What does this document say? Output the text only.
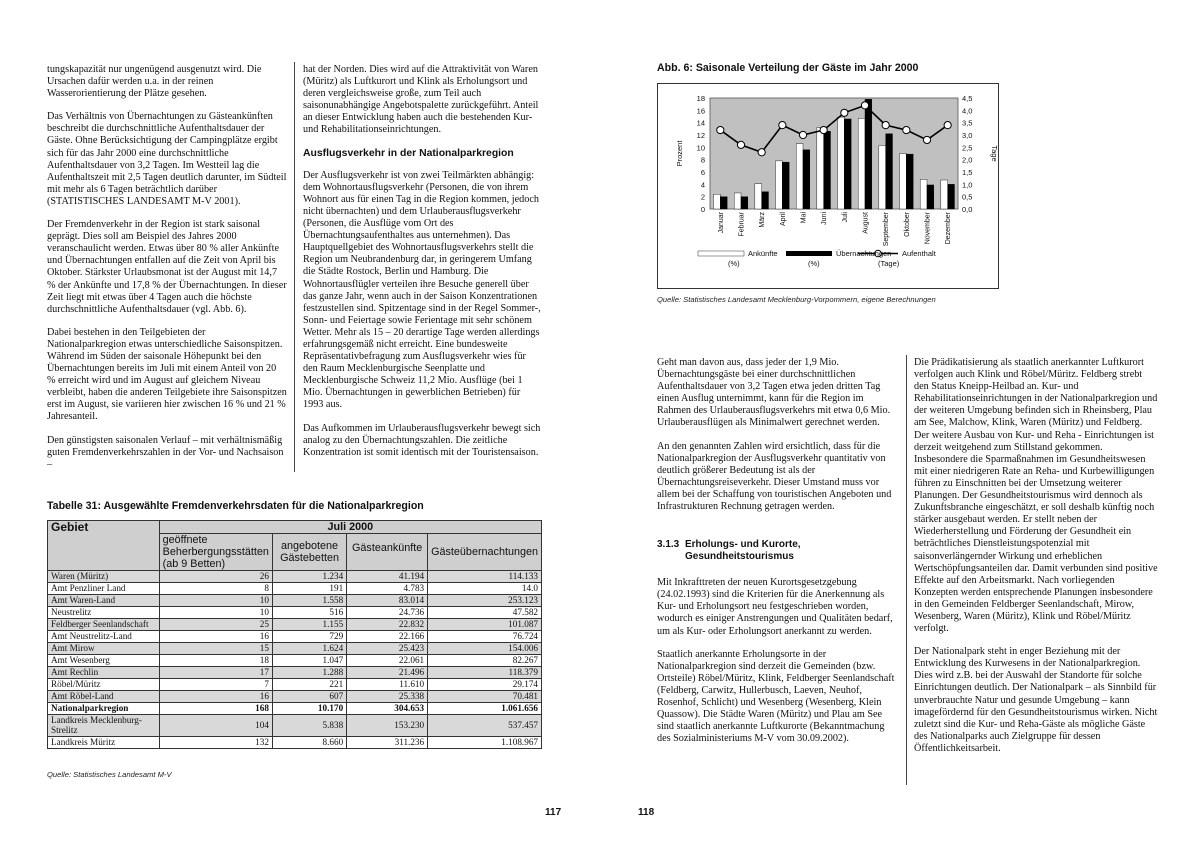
tungskapazität nur ungenügend ausgenutzt wird. Die Ursachen dafür werden u.a. in der reinen Wasserorientierung der Plätze gesehen.

Das Verhältnis von Übernachtungen zu Gästeankünften beschreibt die durchschnittliche Aufenthaltsdauer der Gäste. Ohne Berücksichtigung der Campingplätze ergibt sich für das Jahr 2000 eine durchschnittliche Aufenthaltsdauer von 3,2 Tagen. Im Westteil lag die Aufenthaltszeit mit 2,5 Tagen deutlich darunter, im Südteil mit mehr als 6 Tagen beträchtlich darüber (STATISTISCHES LANDESAMT M-V 2001).

Der Fremdenverkehr in der Region ist stark saisonal geprägt. Dies soll am Beispiel des Jahres 2000 veranschaulicht werden. Etwas über 80 % aller Ankünfte und Übernachtungen entfallen auf die Zeit von April bis Oktober. Stärkster Urlaubsmonat ist der August mit 14,7 % der Ankünfte und 17,8 % der Übernachtungen. In dieser Zeit liegt mit etwas über 4 Tagen auch die höchste durchschnittliche Aufenthaltsdauer (vgl. Abb. 6).

Dabei bestehen in den Teilgebieten der Nationalparkregion etwas unterschiedliche Saisonspitzen. Während im Süden der saisonale Höhepunkt bei den Übernachtungen bereits im Juli mit einem Anteil von 20 % erreicht wird und im August auf gleichem Niveau verbleibt, haben die anderen Teilgebiete ihre Saisonspitzen erst im August, sie variieren hier zwischen 16 % und 21 % Jahresanteil.

Den günstigsten saisonalen Verlauf – mit verhältnismäßig guten Fremdenverkehrszahlen in der Vor- und Nachsaison –

hat der Norden. Dies wird auf die Attraktivität von Waren (Müritz) als Luftkurort und Klink als Erholungsort und deren vergleichsweise große, zum Teil auch saisonunabhängige Angebotspalette zurückgeführt. Anteil an dieser Entwicklung haben auch die bestehenden Kur- und Rehabilitationseinrichtungen.

Ausflugsverkehr in der Nationalparkregion

Der Ausflugsverkehr ist von zwei Teilmärkten abhängig: dem Wohnortausflugsverkehr (Personen, die von ihrem Wohnort aus für einen Tag in die Region kommen, jedoch nicht übernachten) und dem Urlauberausflugsverkehr (Personen, die Ausflüge vom Ort des Übernachtungsaufenthaltes aus unternehmen). Das Hauptquellgebiet des Wohnortausflugsverkehrs stellt die Region um Neubrandenburg dar, in geringerem Umfang die Städte Rostock, Berlin und Hamburg. Die Wohnortausflügler verteilen ihre Besuche generell über das ganze Jahr, wenn auch in der Saison Konzentrationen festzustellen sind. Spitzentage sind in der Regel Sommer-, Sonn- und Feiertage sowie Ferientage mit sehr schönem Wetter. Mehr als 15 – 20 derartige Tage werden allerdings erfahrungsgemäß nicht erreicht. Eine bundesweite Repräsentativbefragung zum Ausflugsverkehr wies für den Raum Mecklenburgische Seenplatte und Mecklenburgische Schweiz 11,2 Mio. Ausflüge (bei 1 Mio. Übernachtungen in gewerblichen Betrieben) für 1993 aus.

Das Aufkommen im Urlauberausflugsverkehr bewegt sich analog zu den Übernachtungszahlen. Die zeitliche Konzentration ist somit identisch mit der Touristensaison.

Tabelle 31: Ausgewählte Fremdenverkehrsdaten für die Nationalparkregion
Gebiet	Juli 2000			
	geöffnete Beherbergungsstätten (ab 9 Betten)	angebotene Gästebetten	Gästeankünfte	Gästeübernachtungen
Waren (Müritz)	26	1.234	41.194	114.133
Amt Penzliner Land	8	191	4.783	14.0
Amt Waren-Land	10	1.558	83.014	253.123
Neustrelitz	10	516	24.736	47.582
Feldberger Seenlandschaft	25	1.155	22.832	101.087
Amt Neustrelitz-Land	16	729	22.166	76.724
Amt Mirow	15	1.624	25.423	154.006
Amt Wesenberg	18	1.047	22.061	82.267
Amt Rechlin	17	1.288	21.496	118.379
Röbel/Müritz	7	221	11.610	29.174
Amt Röbel-Land	16	607	25.338	70.481
Nationalparkregion	168	10.170	304.653	1.061.656
Landkreis Mecklenburg-Strelitz	104	5.838	153.230	537.457
Landkreis Müritz	132	8.660	311.236	1.108.967
Quelle: Statistisches Landesamt M-V
117
Abb. 6: Saisonale Verteilung der Gäste im Jahr 2000
0
2
4
6
8
10
12
14
16
18
0,0
0,5
1,0
1,5
2,0
2,5
3,0
3,5
4,0
4,5
Prozent	Tage
Januar Februar März April Mai Juni Juli August September Oktober November Dezember
Ankünfte
(%)
Übernachtungen
(%)
Aufenthalt
(Tage)
Quelle: Statistisches Landesamt Mecklenburg-Vorpommern, eigene Berechnungen

Geht man davon aus, dass jeder der 1,9 Mio. Übernachtungsgäste bei einer durchschnittlichen Aufenthaltsdauer von 3,2 Tagen etwa jeden dritten Tag einen Ausflug unternimmt, kann für die Region im Rahmen des Urlauberausflugsverkehrs mit etwa 0,6 Mio. Urlauberausflügen als Minimalwert gerechnet werden.

An den genannten Zahlen wird ersichtlich, dass für die Nationalparkregion der Ausflugsverkehr quantitativ von deutlich größerer Bedeutung ist als der Übernachtungsreiseverkehr. Dieser Umstand muss vor allem bei der Schaffung von touristischen Angeboten und Infrastrukturen Rechnung getragen werden.

3.1.3 Erholungs- und Kurorte,
Gesundheitstourismus

Mit Inkrafttreten der neuen Kurortsgesetzgebung (24.02.1993) sind die Kriterien für die Anerkennung als Kur- und Erholungsort neu festgeschrieben worden, wodurch es einiger Anstrengungen und Qualitäten bedarf, um als Kur- oder Erholungsort anerkannt zu werden.

Staatlich anerkannte Erholungsorte in der Nationalparkregion sind derzeit die Gemeinden (bzw. Ortsteile) Röbel/Müritz, Klink, Feldberger Seenlandschaft (Feldberg, Carwitz, Hullerbusch, Laeven, Neuhof, Rosenhof, Schlicht) und Wesenberg (Wesenberg, Klein Quassow). Die Städte Waren (Müritz) und Plau am See sind staatlich anerkannte Luftkurorte (Bekanntmachung des Sozialministeriums M-V vom 30.09.2002).

Die Prädikatisierung als staatlich anerkannter Luftkurort verfolgen auch Klink und Röbel/Müritz. Feldberg strebt den Status Kneipp-Heilbad an. Kur- und Rehabilitationseinrichtungen in der Nationalparkregion und der weiteren Umgebung befinden sich in Rheinsberg, Plau am See, Malchow, Klink, Waren (Müritz) und Feldberg. Der weitere Ausbau von Kur- und Reha - Einrichtungen ist derzeit weitgehend zum Stillstand gekommen. Insbesondere die Sparmaßnahmen im Gesundheitswesen mit einer niedrigeren Rate an Reha- und Kurbewilligungen führen zu Einschnitten bei der Umsetzung weiterer Planungen. Der Gesundheitstourismus wird dennoch als Zukunftsbranche eingeschätzt, er soll deshalb künftig noch stärker ausgebaut werden. Er stellt neben der Wiederherstellung und Förderung der Gesundheit ein beträchtliches Dienstleistungspotenzial mit saisonverlängernder Wirkung und erheblichen Wertschöpfungsanteilen dar. Damit verbunden sind positive Effekte auf den Arbeitsmarkt. Nach vorliegenden Konzepten werden entsprechende Planungen insbesondere in den Gemeinden Feldberger Seenlandschaft, Mirow, Wesenberg, Waren (Müritz), Klink und Röbel/Müritz verfolgt.

Der Nationalpark steht in enger Beziehung mit der Entwicklung des Kurwesens in der Nationalparkregion. Dies wird z.B. bei der Auswahl der Standorte für solche Einrichtungen deutlich. Der Nationalpark – als Sinnbild für unverbrauchte Natur und gesunde Umgebung – kann imagefördernd für den Gesundheitstourismus wirken. Nicht zuletzt sind die Kur- und Reha-Gäste als mögliche Gäste des Nationalparks auch Zielgruppe für dessen Öffentlichkeitsarbeit.

118
